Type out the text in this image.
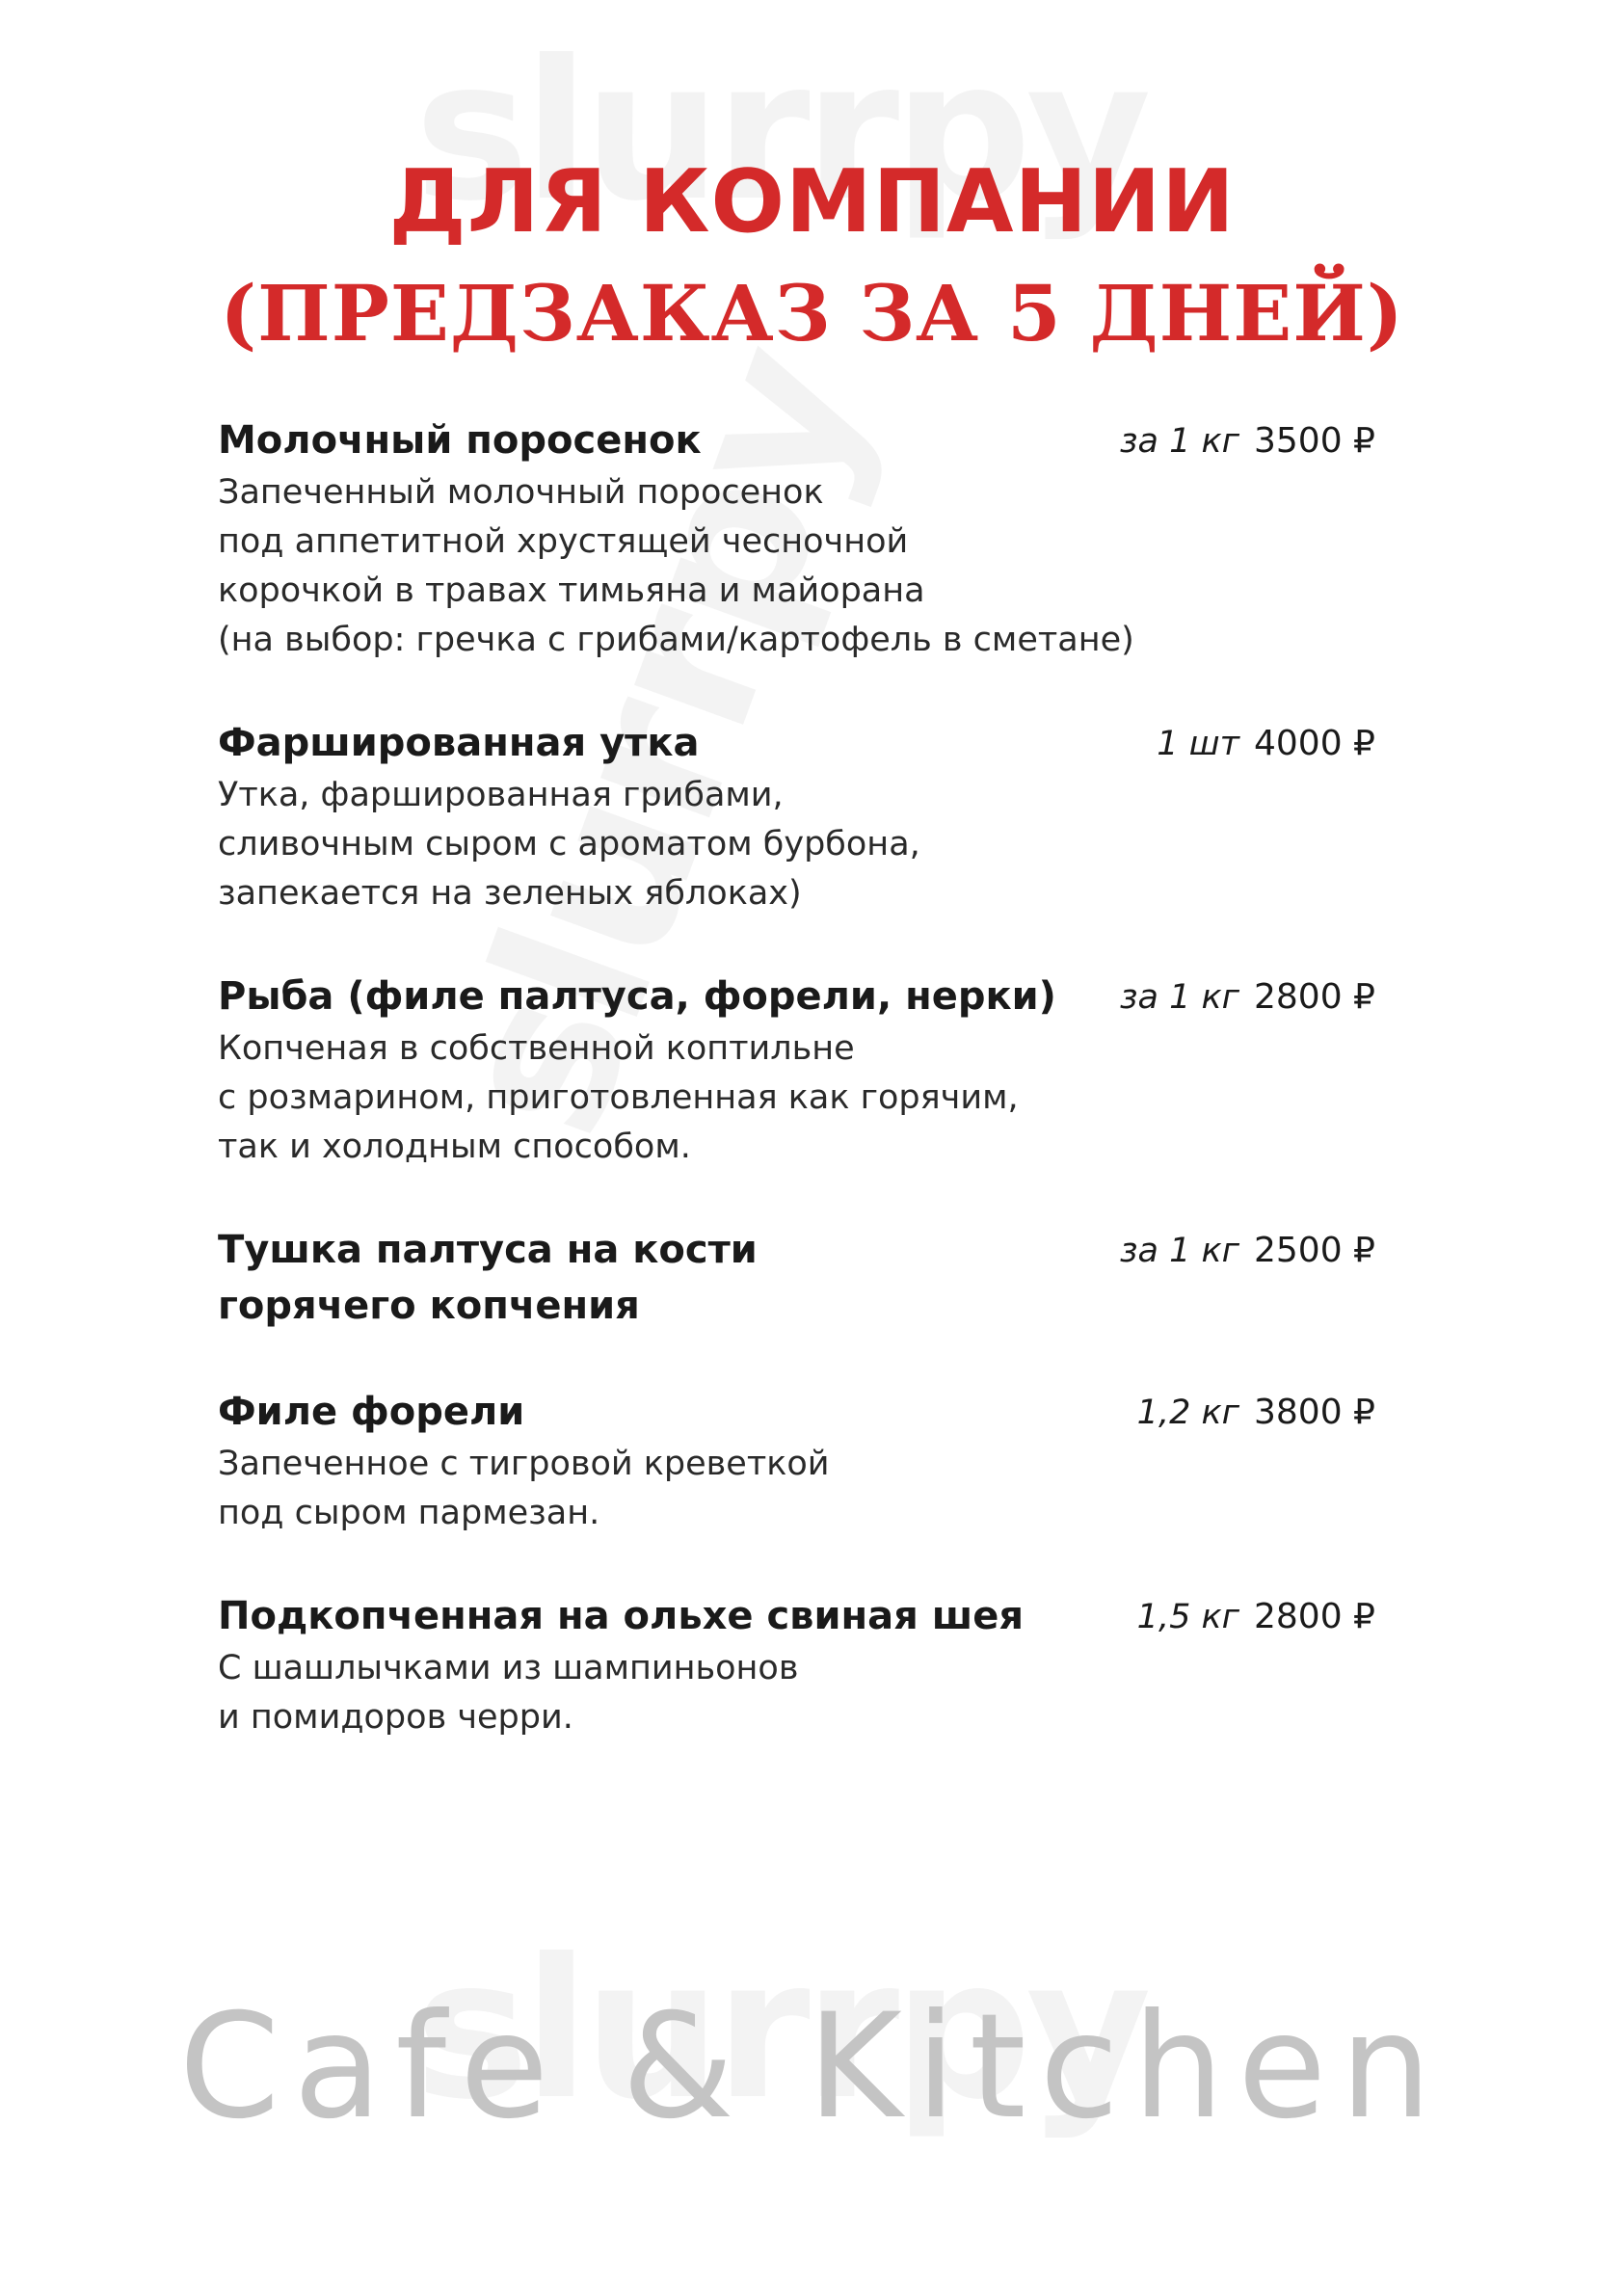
ДЛЯ КОМПАНИИ
(ПРЕДЗАКАЗ ЗА 5 ДНЕЙ)
Молочный поросенок	за 1 кг 3500 ₽
Запеченный молочный поросенок
под аппетитной хрустящей чесночной
корочкой в травах тимьяна и майорана
(на выбор: гречка с грибами/картофель в сметане)
Фаршированная утка	1 шт 4000 ₽
Утка, фаршированная грибами,
сливочным сыром с ароматом бурбона,
запекается на зеленых яблоках)
Рыба (филе палтуса, форели, нерки) за 1 кг 2800 ₽
Копченая в собственной коптильне
с розмарином, приготовленная как горячим,
так и холодным способом.
Тушка палтуса на кости
горячего копчения
за 1 кг 2500 ₽
Филе форели	1,2 кг 3800 ₽
Запеченное с тигровой креветкой
под сыром пармезан.
Подкопченная на ольхе свиная шея	1,5 кг 2800 ₽
С шашлычками из шампиньонов
и помидоров черри.
Cafe & Kitchen
